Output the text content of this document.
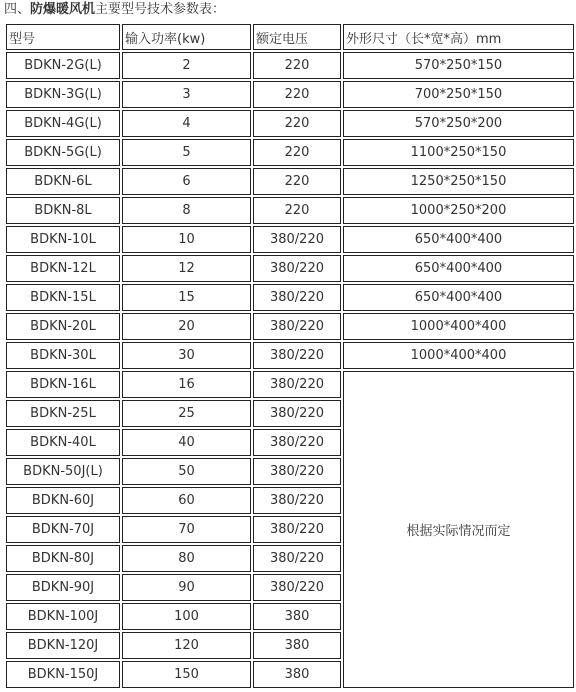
四、防爆暖风机主要型号技术参数表：
型号	输入功率(kw)	额定电压	外形尺寸（长*宽*高）mm
BDKN-2G(L)	2	220	570*250*150
BDKN-3G(L)	3	220	700*250*150
BDKN-4G(L)	4	220	570*250*200
BDKN-5G(L)	5	220	1100*250*150
BDKN-6L	6	220	1250*250*150
BDKN-8L	8	220	1000*250*200
BDKN-10L	10	380/220	650*400*400
BDKN-12L	12	380/220	650*400*400
BDKN-15L	15	380/220	650*400*400
BDKN-20L	20	380/220	1000*400*400
BDKN-30L	30	380/220	1000*400*400
BDKN-16L	16	380/220	根据实际情况而定
BDKN-25L	25	380/220	
BDKN-40L	40	380/220	
BDKN-50J(L)	50	380/220	
BDKN-60J	60	380/220	
BDKN-70J	70	380/220	
BDKN-80J	80	380/220	
BDKN-90J	90	380/220	
BDKN-100J	100	380	
BDKN-120J	120	380	
BDKN-150J	150	380	
